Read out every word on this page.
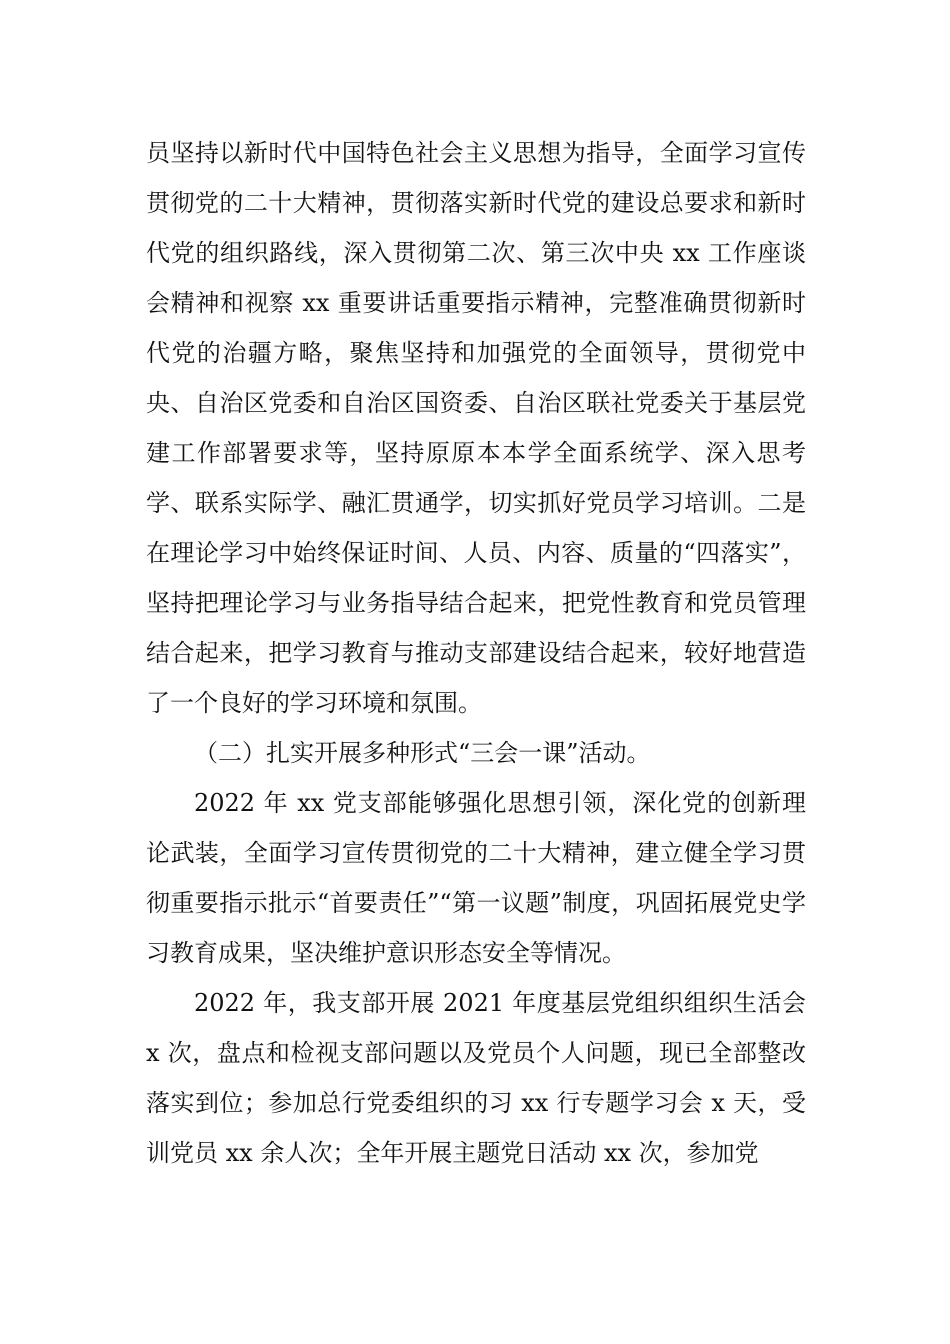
员坚持以新时代中国特色社会主义思想为指导，全面学习宣传贯彻党的二十大精神，贯彻落实新时代党的建设总要求和新时代党的组织路线，深入贯彻第二次、第三次中央 xx 工作座谈会精神和视察 xx 重要讲话重要指示精神，完整准确贯彻新时代党的治疆方略，聚焦坚持和加强党的全面领导，贯彻党中央、自治区党委和自治区国资委、自治区联社党委关于基层党建工作部署要求等，坚持原原本本学全面系统学、深入思考学、联系实际学、融汇贯通学，切实抓好党员学习培训。二是在理论学习中始终保证时间、人员、内容、质量的“四落实”，坚持把理论学习与业务指导结合起来，把党性教育和党员管理结合起来，把学习教育与推动支部建设结合起来，较好地营造了一个良好的学习环境和氛围。

（二）扎实开展多种形式“三会一课”活动。

2022 年 xx 党支部能够强化思想引领，深化党的创新理论武装，全面学习宣传贯彻党的二十大精神，建立健全学习贯彻重要指示批示“首要责任”“第一议题”制度，巩固拓展党史学习教育成果，坚决维护意识形态安全等情况。

2022 年，我支部开展 2021 年度基层党组织组织生活会 x 次，盘点和检视支部问题以及党员个人问题，现已全部整改落实到位；参加总行党委组织的习 xx 行专题学习会 x 天，受训党员 xx 余人次；全年开展主题党日活动 xx 次，参加党
